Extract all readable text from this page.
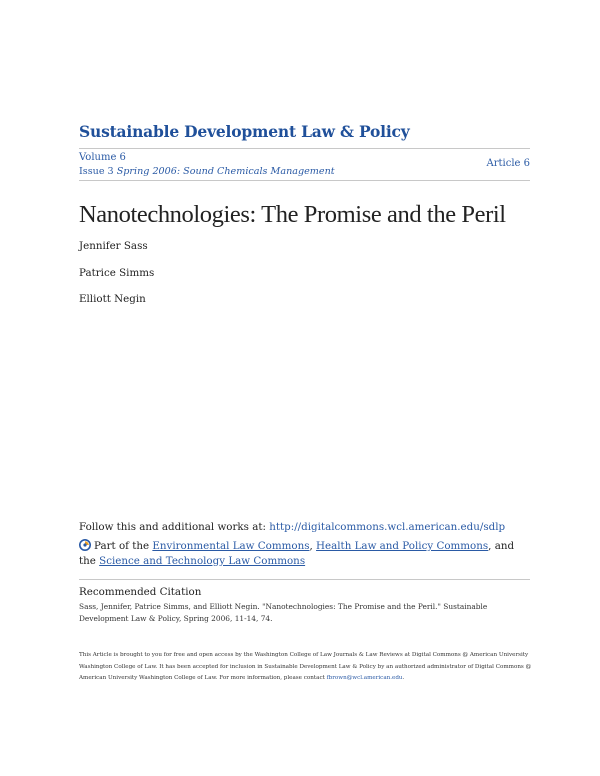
Sustainable Development Law & Policy
Volume 6
Issue 3 Spring 2006: Sound Chemicals Management
Article 6
Nanotechnologies: The Promise and the Peril
Jennifer Sass
Patrice Simms
Elliott Negin
Follow this and additional works at: http://digitalcommons.wcl.american.edu/sdlp
Part of the Environmental Law Commons, Health Law and Policy Commons, and the Science and Technology Law Commons
Recommended Citation
Sass, Jennifer, Patrice Simms, and Elliott Negin. "Nanotechnologies: The Promise and the Peril." Sustainable Development Law & Policy, Spring 2006, 11-14, 74.
This Article is brought to you for free and open access by the Washington College of Law Journals & Law Reviews at Digital Commons @ American University Washington College of Law. It has been accepted for inclusion in Sustainable Development Law & Policy by an authorized administrator of Digital Commons @ American University Washington College of Law. For more information, please contact fbrown@wcl.american.edu.
